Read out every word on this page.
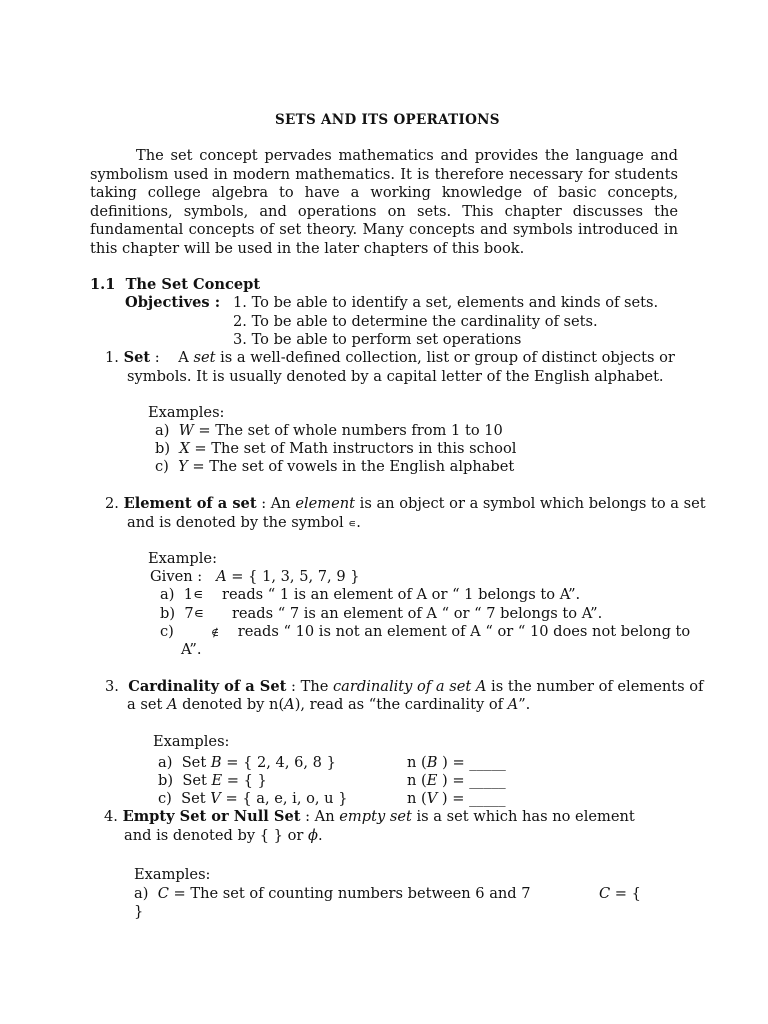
SETS AND ITS OPERATIONS

The set concept pervades mathematics and provides the language and symbolism used in modern mathematics. It is therefore necessary for students taking college algebra to have a working knowledge of basic concepts, definitions, symbols, and operations on sets. This chapter discusses the fundamental concepts of set theory. Many concepts and symbols introduced in this chapter will be used in the later chapters of this book.

1.1 The Set Concept
Objectives : 1. To be able to identify a set, elements and kinds of sets.
2. To be able to determine the cardinality of sets.
3. To be able to perform set operations
1. Set : A set is a well-defined collection, list or group of distinct objects or
symbols. It is usually denoted by a capital letter of the English alphabet.
Examples:
a) W = The set of whole numbers from 1 to 10
b) X = The set of Math instructors in this school
c) Y = The set of vowels in the English alphabet
2. Element of a set : An element is an object or a symbol which belongs to a set
and is denoted by the symbol ∊.
Example:
Given : A = { 1, 3, 5, 7, 9 }
a) 1∊ reads “ 1 is an element of A or “ 1 belongs to A”.
b) 7∊ reads “ 7 is an element of A “ or “ 7 belongs to A”.
c)	∉ reads “ 10 is not an element of A “ or “ 10 does not belong to
A”.
3. Cardinality of a Set : The cardinality of a set A is the number of elements of
a set A denoted by n(A), read as “the cardinality of A”.
Examples:
a) Set B = { 2, 4, 6, 8 }	n (B ) = _____
b) Set E = { }	n (E ) = _____
c) Set V = { a, e, i, o, u }	n (V ) = _____
4. Empty Set or Null Set : An empty set is a set which has no element
and is denoted by { } or ϕ.
Examples:
a) C = The set of counting numbers between 6 and 7	C = {
}
